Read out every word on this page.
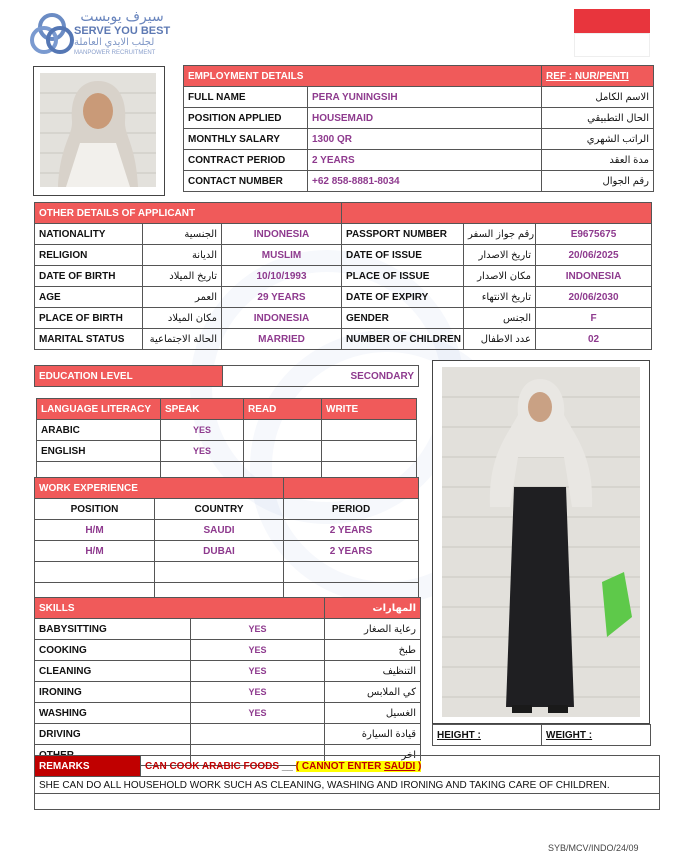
سيرف يوبست
SERVE YOU BEST
لجلب الايدي العاملة
MANPOWER RECRUITMENT
EMPLOYMENT DETAILS		REF : NUR/PENTI
FULL NAME	PERA YUNINGSIH	الاسم الكامل
POSITION APPLIED	HOUSEMAID	الحال التطبيقي
MONTHLY SALARY	1300 QR	الراتب الشهري
CONTRACT PERIOD	2 YEARS	مدة العقد
CONTACT NUMBER	+62 858-8881-8034	رقم الجوال
OTHER DETAILS OF APPLICANT					
NATIONALITY	الجنسية	INDONESIA	PASSPORT NUMBER	رقم جواز السفر	E9675675
RELIGION	الديانة	MUSLIM	DATE OF ISSUE	تاريخ الاصدار	20/06/2025
DATE OF BIRTH	تاريخ الميلاد	10/10/1993	PLACE OF ISSUE	مكان الاصدار	INDONESIA
AGE	العمر	29 YEARS	DATE OF EXPIRY	تاريخ الانتهاء	20/06/2030
PLACE OF BIRTH	مكان الميلاد	INDONESIA	GENDER	الجنس	F
MARITAL STATUS	الحالة الاجتماعية	MARRIED	NUMBER OF CHILDREN	عدد الاطفال	02
EDUCATION LEVEL	SECONDARY
LANGUAGE LITERACY	SPEAK	READ	WRITE
ARABIC	YES		
ENGLISH	YES		

WORK EXPERIENCE		
POSITION	COUNTRY	PERIOD
H/M	SAUDI	2 YEARS
H/M	DUBAI	2 YEARS

SKILLS		المهارات
BABYSITTING	YES	رعاية الصغار
COOKING	YES	طبخ
CLEANING	YES	التنظيف
IRONING	YES	كي الملابس
WASHING	YES	الغسيل
DRIVING		قيادة السيارة
		اخر
HEIGHT :	WEIGHT :
REMARKS	CAN COOK ARABIC FOODS __ ( CANNOT ENTER SAUDI )
SHE CAN DO ALL HOUSEHOLD WORK SUCH AS CLEANING, WASHING AND IRONING AND TAKING CARE OF CHILDREN.

SYB/MCV/INDO/24/09
